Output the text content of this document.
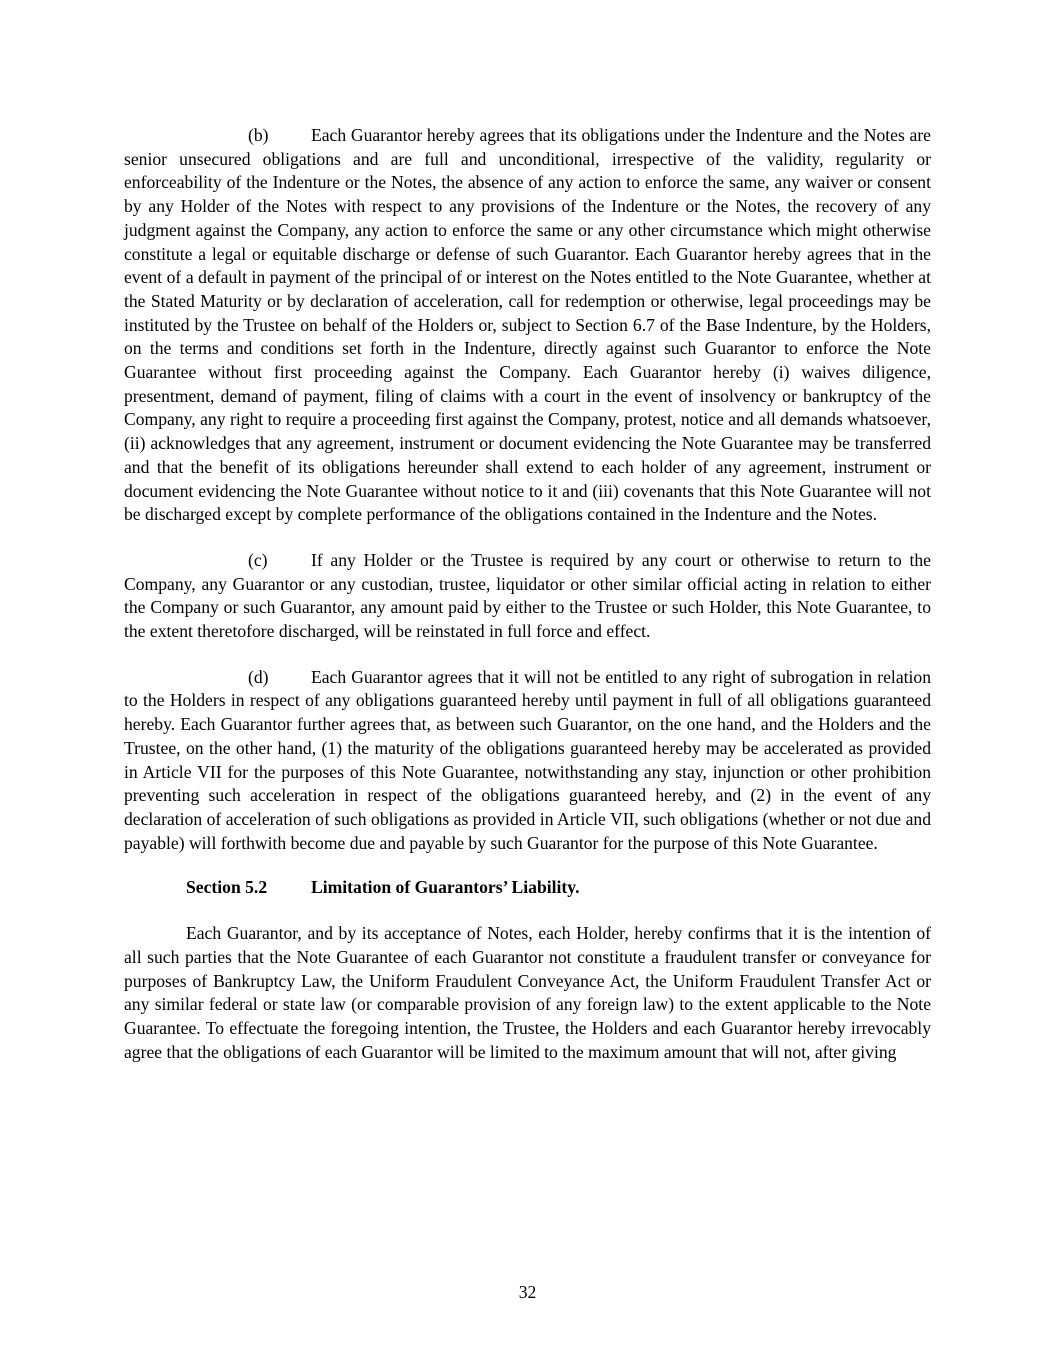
(b) Each Guarantor hereby agrees that its obligations under the Indenture and the Notes are senior unsecured obligations and are full and unconditional, irrespective of the validity, regularity or enforceability of the Indenture or the Notes, the absence of any action to enforce the same, any waiver or consent by any Holder of the Notes with respect to any provisions of the Indenture or the Notes, the recovery of any judgment against the Company, any action to enforce the same or any other circumstance which might otherwise constitute a legal or equitable discharge or defense of such Guarantor. Each Guarantor hereby agrees that in the event of a default in payment of the principal of or interest on the Notes entitled to the Note Guarantee, whether at the Stated Maturity or by declaration of acceleration, call for redemption or otherwise, legal proceedings may be instituted by the Trustee on behalf of the Holders or, subject to Section 6.7 of the Base Indenture, by the Holders, on the terms and conditions set forth in the Indenture, directly against such Guarantor to enforce the Note Guarantee without first proceeding against the Company. Each Guarantor hereby (i) waives diligence, presentment, demand of payment, filing of claims with a court in the event of insolvency or bankruptcy of the Company, any right to require a proceeding first against the Company, protest, notice and all demands whatsoever, (ii) acknowledges that any agreement, instrument or document evidencing the Note Guarantee may be transferred and that the benefit of its obligations hereunder shall extend to each holder of any agreement, instrument or document evidencing the Note Guarantee without notice to it and (iii) covenants that this Note Guarantee will not be discharged except by complete performance of the obligations contained in the Indenture and the Notes.

(c) If any Holder or the Trustee is required by any court or otherwise to return to the Company, any Guarantor or any custodian, trustee, liquidator or other similar official acting in relation to either the Company or such Guarantor, any amount paid by either to the Trustee or such Holder, this Note Guarantee, to the extent theretofore discharged, will be reinstated in full force and effect.

(d) Each Guarantor agrees that it will not be entitled to any right of subrogation in relation to the Holders in respect of any obligations guaranteed hereby until payment in full of all obligations guaranteed hereby. Each Guarantor further agrees that, as between such Guarantor, on the one hand, and the Holders and the Trustee, on the other hand, (1) the maturity of the obligations guaranteed hereby may be accelerated as provided in Article VII for the purposes of this Note Guarantee, notwithstanding any stay, injunction or other prohibition preventing such acceleration in respect of the obligations guaranteed hereby, and (2) in the event of any declaration of acceleration of such obligations as provided in Article VII, such obligations (whether or not due and payable) will forthwith become due and payable by such Guarantor for the purpose of this Note Guarantee.

Section 5.2 Limitation of Guarantors’ Liability.

Each Guarantor, and by its acceptance of Notes, each Holder, hereby confirms that it is the intention of all such parties that the Note Guarantee of each Guarantor not constitute a fraudulent transfer or conveyance for purposes of Bankruptcy Law, the Uniform Fraudulent Conveyance Act, the Uniform Fraudulent Transfer Act or any similar federal or state law (or comparable provision of any foreign law) to the extent applicable to the Note Guarantee. To effectuate the foregoing intention, the Trustee, the Holders and each Guarantor hereby irrevocably agree that the obligations of each Guarantor will be limited to the maximum amount that will not, after giving

32
